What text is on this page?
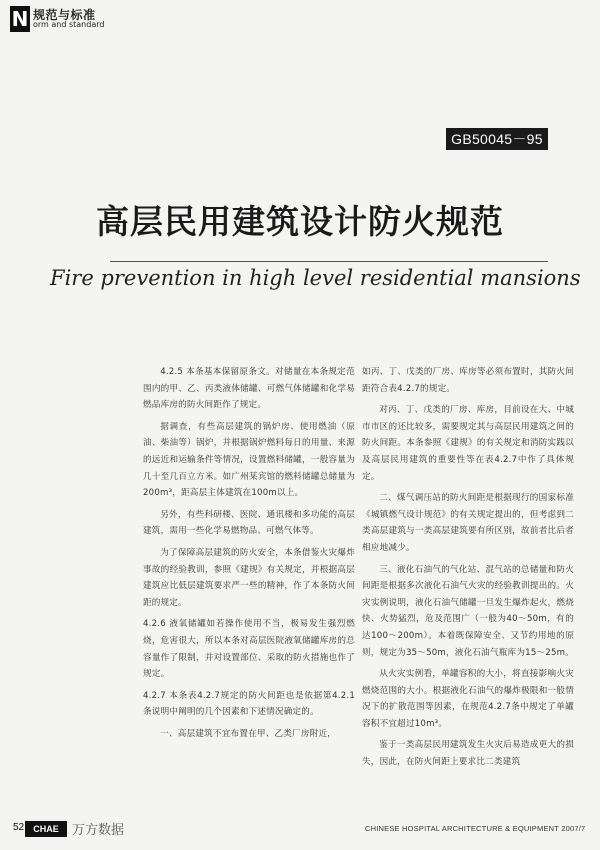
N 规范与标准
orm and standard
GB50045－95
高层民用建筑设计防火规范
Fire prevention in high level residential mansions

4.2.5 本条基本保留原条文。对储量在本条规定范围内的甲、乙、丙类液体储罐、可燃气体储罐和化学易燃品库房的防火间距作了规定。

据调查，有些高层建筑的锅炉房、使用燃油（原油、柴油等）锅炉，并根据锅炉燃料每日的用量、来源的远近和运输条件等情况，设置燃料储罐，一般容量为几十至几百立方米。如广州某宾馆的燃料储罐总储量为200m³，距高层主体建筑在100m以上。

另外，有些科研楼、医院、通讯楼和多功能的高层建筑，需用一些化学易燃物品、可燃气体等。

为了保障高层建筑的防火安全，本条借鉴火灾爆炸事故的经验教训，参照《建规》有关规定，并根据高层建筑应比低层建筑要求严一些的精神，作了本条防火间距的规定。

4.2.6 液氧储罐如若操作使用不当，极易发生强烈燃烧，危害很大，所以本条对高层医院液氧储罐库房的总容量作了限制，并对设置部位、采取的防火措施也作了规定。

4.2.7 本条表4.2.7规定的防火间距也是依据第4.2.1条说明中阐明的几个因素和下述情况确定的。

一、高层建筑不宜布置在甲、乙类厂房附近，

如丙、丁、戊类的厂房、库房等必须布置时，其防火间距符合表4.2.7的规定。

对丙、丁、戊类的厂房、库房，目前设在大、中城市市区的还比较多，需要规定其与高层民用建筑之间的防火间距。本条参照《建规》的有关规定和消防实践以及高层民用建筑的重要性等在表4.2.7中作了具体规定。

二、煤气调压站的防火间距是根据现行的国家标准《城镇燃气设计规范》的有关规定提出的，但考虑到二类高层建筑与一类高层建筑要有所区别，故前者比后者相应地减少。

三、液化石油气的气化站、混气站的总储量和防火间距是根据多次液化石油气火灾的经验教训提出的。火灾实例说明，液化石油气储罐一旦发生爆炸起火，燃烧快、火势猛烈，危及范围广（一般为40～50m，有的达100～200m）。本着既保障安全、又节约用地的原则，规定为35～50m，液化石油气瓶库为15～25m。

从火灾实例看，单罐容积的大小，将直接影响火灾燃烧范围的大小。根据液化石油气的爆炸极限和一般情况下的扩散范围等因素，在规范4.2.7条中规定了单罐容积不宜超过10m³。

鉴于一类高层民用建筑发生火灾后易造成更大的损失，因此，在防火间距上要求比二类建筑

52	CHAE	万方数据	CHINESE HOSPITAL ARCHITECTURE & EQUIPMENT 2007/7
